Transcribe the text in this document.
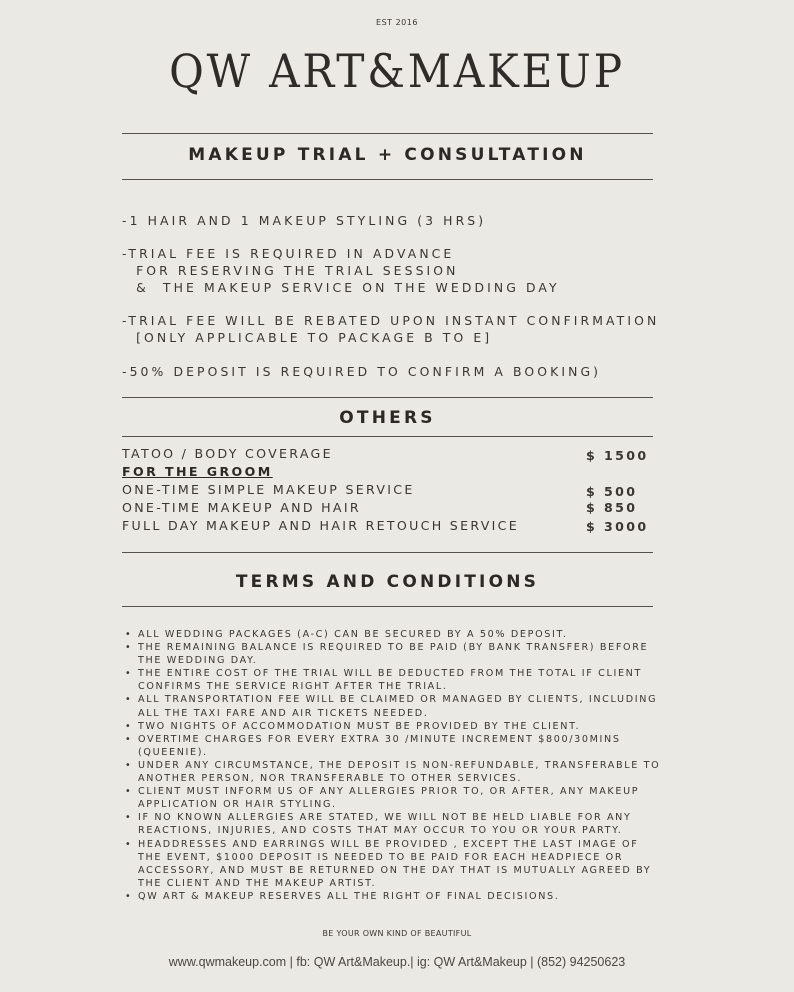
EST 2016
QW ART&MAKEUP
MAKEUP TRIAL + CONSULTATION
-1 HAIR AND 1 MAKEUP STYLING (3 HRS)
-TRIAL FEE IS REQUIRED IN ADVANCE
FOR RESERVING THE TRIAL SESSION
&  THE MAKEUP SERVICE ON THE WEDDING DAY
-TRIAL FEE WILL BE REBATED UPON INSTANT CONFIRMATION
[ONLY APPLICABLE TO PACKAGE B TO E]
-50% DEPOSIT IS REQUIRED TO CONFIRM A BOOKING)
OTHERS
TATOO / BODY COVERAGE	$ 1500
FOR THE GROOM
ONE-TIME SIMPLE MAKEUP SERVICE	$ 500
ONE-TIME MAKEUP AND HAIR	$ 850
FULL DAY MAKEUP AND HAIR RETOUCH SERVICE	$ 3000
TERMS AND CONDITIONS
• ALL WEDDING PACKAGES (A-C) CAN BE SECURED BY A 50% DEPOSIT.
• THE REMAINING BALANCE IS REQUIRED TO BE PAID (BY BANK TRANSFER) BEFORE THE WEDDING DAY.
• THE ENTIRE COST OF THE TRIAL WILL BE DEDUCTED FROM THE TOTAL IF CLIENT CONFIRMS THE SERVICE RIGHT AFTER THE TRIAL.
• ALL TRANSPORTATION FEE WILL BE CLAIMED OR MANAGED BY CLIENTS, INCLUDING ALL THE TAXI FARE AND AIR TICKETS NEEDED.
• TWO NIGHTS OF ACCOMMODATION MUST BE PROVIDED BY THE CLIENT.
• OVERTIME CHARGES FOR EVERY EXTRA 30 /MINUTE INCREMENT $800/30MINS (QUEENIE).
• UNDER ANY CIRCUMSTANCE, THE DEPOSIT IS NON-REFUNDABLE, TRANSFERABLE TO ANOTHER PERSON, NOR TRANSFERABLE TO OTHER SERVICES.
• CLIENT MUST INFORM US OF ANY ALLERGIES PRIOR TO, OR AFTER, ANY MAKEUP APPLICATION OR HAIR STYLING.
• IF NO KNOWN ALLERGIES ARE STATED, WE WILL NOT BE HELD LIABLE FOR ANY REACTIONS, INJURIES, AND COSTS THAT MAY OCCUR TO YOU OR YOUR PARTY.
• HEADDRESSES AND EARRINGS WILL BE PROVIDED , EXCEPT THE LAST IMAGE OF THE EVENT, $1000 DEPOSIT IS NEEDED TO BE PAID FOR EACH HEADPIECE OR ACCESSORY, AND MUST BE RETURNED ON THE DAY THAT IS MUTUALLY AGREED BY THE CLIENT AND THE MAKEUP ARTIST.
• QW ART & MAKEUP RESERVES ALL THE RIGHT OF FINAL DECISIONS.
BE YOUR OWN KIND OF BEAUTIFUL
www.qwmakeup.com | fb: QW Art&Makeup.| ig: QW Art&Makeup | (852) 94250623
